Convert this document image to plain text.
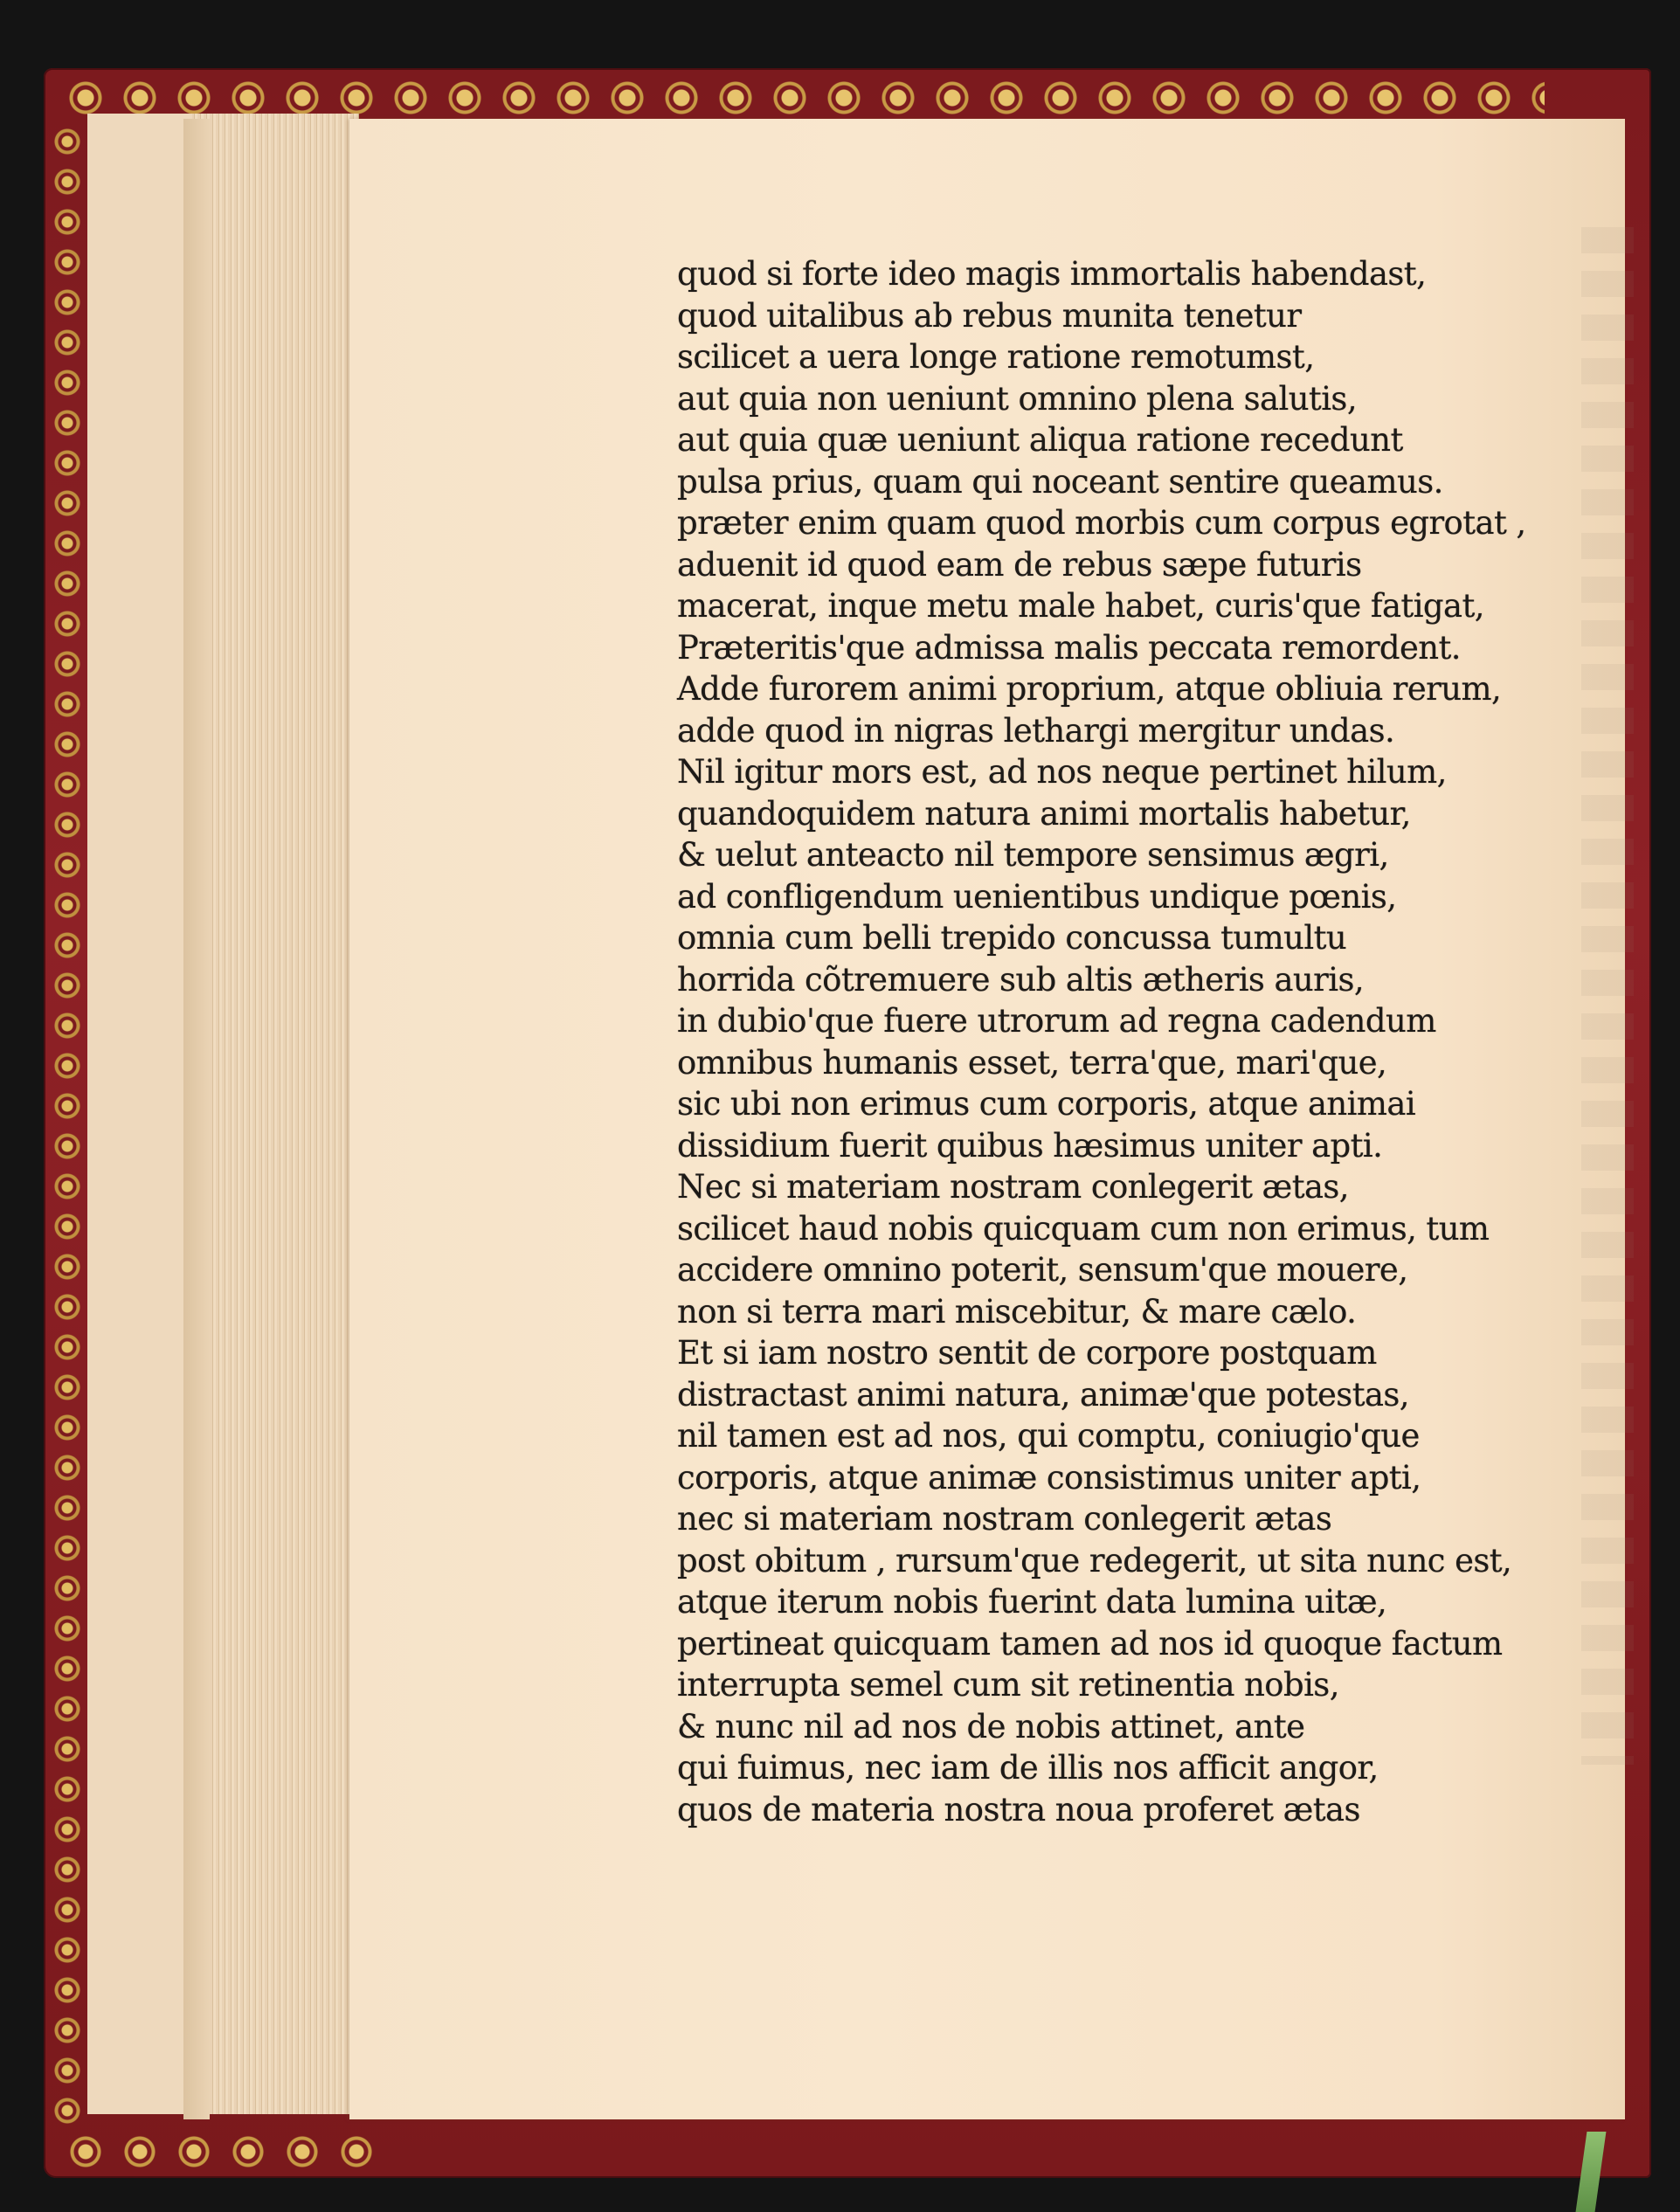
quod si forte ideo magis immortalis habendast,
quod uitalibus ab rebus munita tenetur
scilicet a uera longe ratione remotumst,
aut quia non ueniunt omnino plena salutis,
aut quia quæ ueniunt aliqua ratione recedunt
pulsa prius, quam qui noceant sentire queamus.
præter enim quam quod morbis cum corpus egrotat ,
aduenit id quod eam de rebus sæpe futuris
macerat, inque metu male habet, curis'que fatigat,
Præteritis'que admissa malis peccata remordent.
Adde furorem animi proprium, atque obliuia rerum,
adde quod in nigras lethargi mergitur undas.
Nil igitur mors est, ad nos neque pertinet hilum,
quandoquidem natura animi mortalis habetur,
& uelut anteacto nil tempore sensimus ægri,
ad confligendum uenientibus undique pœnis,
omnia cum belli trepido concussa tumultu
horrida cõtremuere sub altis ætheris auris,
in dubio'que fuere utrorum ad regna cadendum
omnibus humanis esset, terra'que, mari'que,
sic ubi non erimus cum corporis, atque animai
dissidium fuerit quibus hæsimus uniter apti.
Nec si materiam nostram conlegerit ætas,
scilicet haud nobis quicquam cum non erimus, tum
accidere omnino poterit, sensum'que mouere,
non si terra mari miscebitur, & mare cælo.
Et si iam nostro sentit de corpore postquam
distractast animi natura, animæ'que potestas,
nil tamen est ad nos, qui comptu, coniugio'que
corporis, atque animæ consistimus uniter apti,
nec si materiam nostram conlegerit ætas
post obitum , rursum'que redegerit, ut sita nunc est,
atque iterum nobis fuerint data lumina uitæ,
pertineat quicquam tamen ad nos id quoque factum
interrupta semel cum sit retinentia nobis,
& nunc nil ad nos de nobis attinet, ante
qui fuimus, nec iam de illis nos afficit angor,
quos de materia nostra noua proferet ætas
